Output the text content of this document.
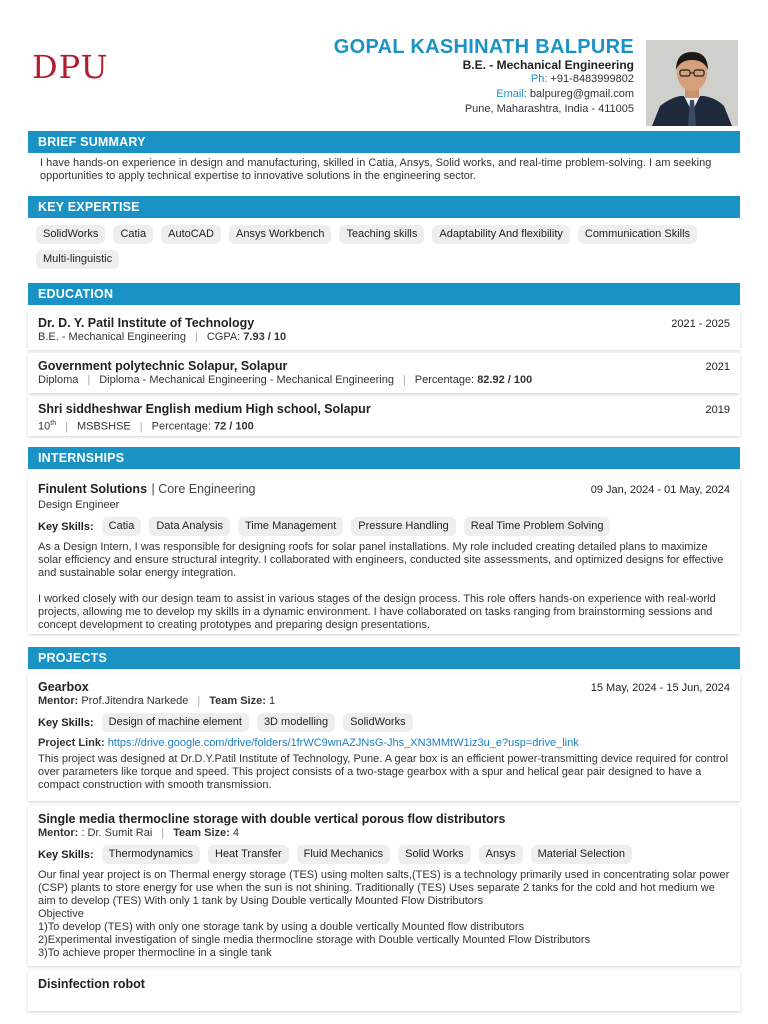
DPU
GOPAL KASHINATH BALPURE
B.E. - Mechanical Engineering
Ph: +91-8483999802
Email: balpureg@gmail.com
Pune, Maharashtra, India - 411005
BRIEF SUMMARY
I have hands-on experience in design and manufacturing, skilled in Catia, Ansys, Solid works, and real-time problem-solving. I am seeking opportunities to apply technical expertise to innovative solutions in the engineering sector.
KEY EXPERTISE
SolidWorks	Catia	AutoCAD	Ansys Workbench	Teaching skills	Adaptability And flexibility	Communication Skills
Multi-linguistic
EDUCATION
Dr. D. Y. Patil Institute of Technology	2021 - 2025
B.E. - Mechanical Engineering | CGPA: 7.93 / 10
Government polytechnic Solapur, Solapur	2021
Diploma | Diploma - Mechanical Engineering - Mechanical Engineering | Percentage: 82.92 / 100
Shri siddheshwar English medium High school, Solapur	2019
10th | MSBSHSE | Percentage: 72 / 100
INTERNSHIPS
Finulent Solutions | Core Engineering	09 Jan, 2024 - 01 May, 2024
Design Engineer
Key Skills:	Catia	Data Analysis	Time Management	Pressure Handling	Real Time Problem Solving
As a Design Intern, I was responsible for designing roofs for solar panel installations. My role included creating detailed plans to maximize solar efficiency and ensure structural integrity. I collaborated with engineers, conducted site assessments, and optimized designs for effective and sustainable solar energy integration.
I worked closely with our design team to assist in various stages of the design process. This role offers hands-on experience with real-world projects, allowing me to develop my skills in a dynamic environment. I have collaborated on tasks ranging from brainstorming sessions and concept development to creating prototypes and preparing design presentations.
PROJECTS
Gearbox	15 May, 2024 - 15 Jun, 2024
Mentor: Prof.Jitendra Narkede | Team Size: 1
Key Skills:	Design of machine element	3D modelling	SolidWorks
Project Link: https://drive.google.com/drive/folders/1frWC9wnAZJNsG-Jhs_XN3MMtW1iz3u_e?usp=drive_link
This project was designed at Dr.D.Y.Patil Institute of Technology, Pune. A gear box is an efficient power-transmitting device required for control over parameters like torque and speed. This project consists of a two-stage gearbox with a spur and helical gear pair designed to have a compact construction with smooth transmission.
Single media thermocline storage with double vertical porous flow distributors
Mentor: : Dr. Sumit Rai | Team Size: 4
Key Skills:	Thermodynamics	Heat Transfer	Fluid Mechanics	Solid Works	Ansys	Material Selection
Our final year project is on Thermal energy storage (TES) using molten salts,(TES) is a technology primarily used in concentrating solar power (CSP) plants to store energy for use when the sun is not shining. Traditionally (TES) Uses separate 2 tanks for the cold and hot medium we aim to develop (TES) With only 1 tank by Using Double vertically Mounted Flow Distributors
Objective
1)To develop (TES) with only one storage tank by using a double vertically Mounted flow distributors
2)Experimental investigation of single media thermocline storage with Double vertically Mounted Flow Distributors
3)To achieve proper thermocline in a single tank
Disinfection robot
